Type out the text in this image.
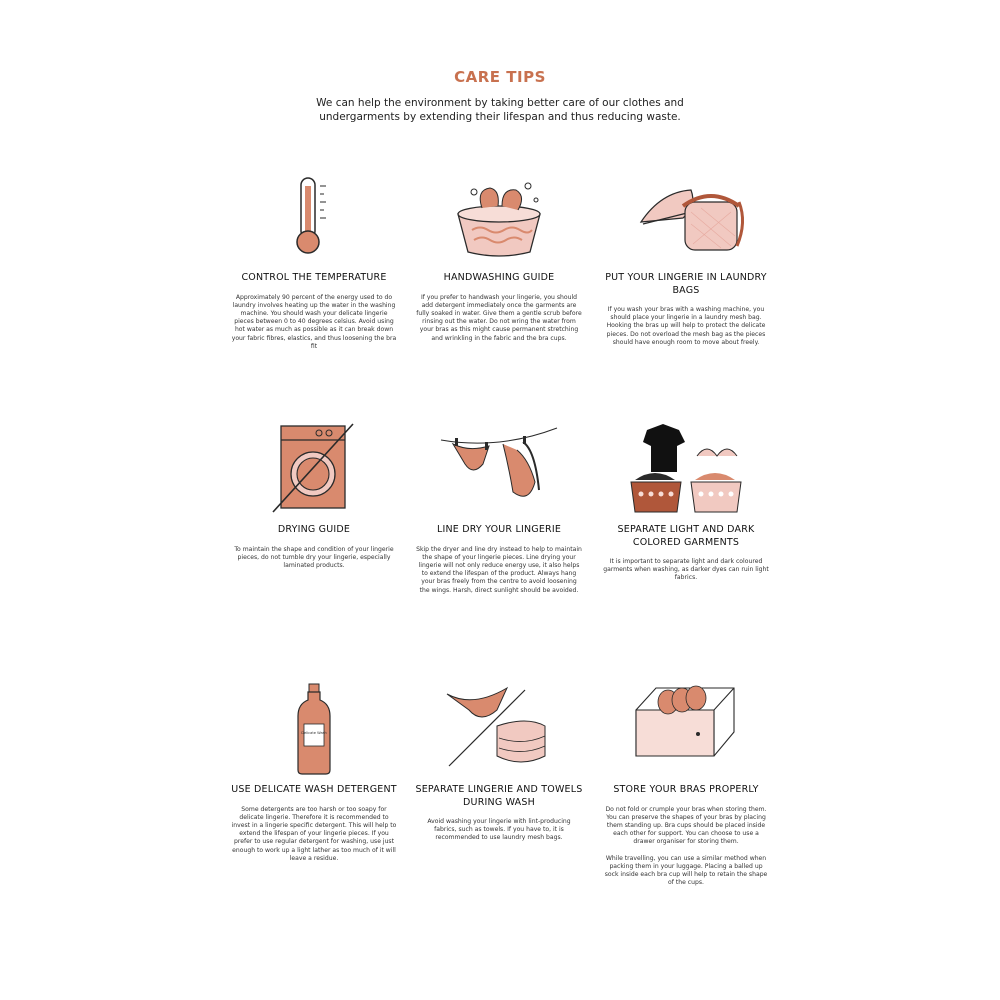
CARE TIPS
We can help the environment by taking better care of our clothes and undergarments by extending their lifespan and thus reducing waste.
CONTROL THE TEMPERATURE
Approximately 90 percent of the energy used to do laundry involves heating up the water in the washing machine. You should wash your delicate lingerie pieces between 0 to 40 degrees celsius. Avoid using hot water as much as possible as it can break down your fabric fibres, elastics, and thus loosening the bra fit
HANDWASHING GUIDE
If you prefer to handwash your lingerie, you should add detergent immediately once the garments are fully soaked in water. Give them a gentle scrub before rinsing out the water. Do not wring the water from your bras as this might cause permanent stretching and wrinkling in the fabric and the bra cups.
PUT YOUR LINGERIE IN LAUNDRY BAGS
If you wash your bras with a washing machine, you should place your lingerie in a laundry mesh bag. Hooking the bras up will help to protect the delicate pieces. Do not overload the mesh bag as the pieces should have enough room to move about freely.
DRYING GUIDE
To maintain the shape and condition of your lingerie pieces, do not tumble dry your lingerie, especially laminated products.
LINE DRY YOUR LINGERIE
Skip the dryer and line dry instead to help to maintain the shape of your lingerie pieces. Line drying your lingerie will not only reduce energy use, it also helps to extend the lifespan of the product. Always hang your bras freely from the centre to avoid loosening the wings. Harsh, direct sunlight should be avoided.
SEPARATE LIGHT AND DARK COLORED GARMENTS
It is important to separate light and dark coloured garments when washing, as darker dyes can ruin light fabrics.
Delicate Wash
USE DELICATE WASH DETERGENT
Some detergents are too harsh or too soapy for delicate lingerie. Therefore it is recommended to invest in a lingerie specific detergent. This will help to extend the lifespan of your lingerie pieces. If you prefer to use regular detergent for washing, use just enough to work up a light lather as too much of it will leave a residue.
SEPARATE LINGERIE AND TOWELS DURING WASH
Avoid washing your lingerie with lint-producing fabrics, such as towels. If you have to, it is recommended to use laundry mesh bags.
STORE YOUR BRAS PROPERLY

Do not fold or crumple your bras when storing them. You can preserve the shapes of your bras by placing them standing up. Bra cups should be placed inside each other for support. You can choose to use a drawer organiser for storing them.

While travelling, you can use a similar method when packing them in your luggage. Placing a balled up sock inside each bra cup will help to retain the shape of the cups.
